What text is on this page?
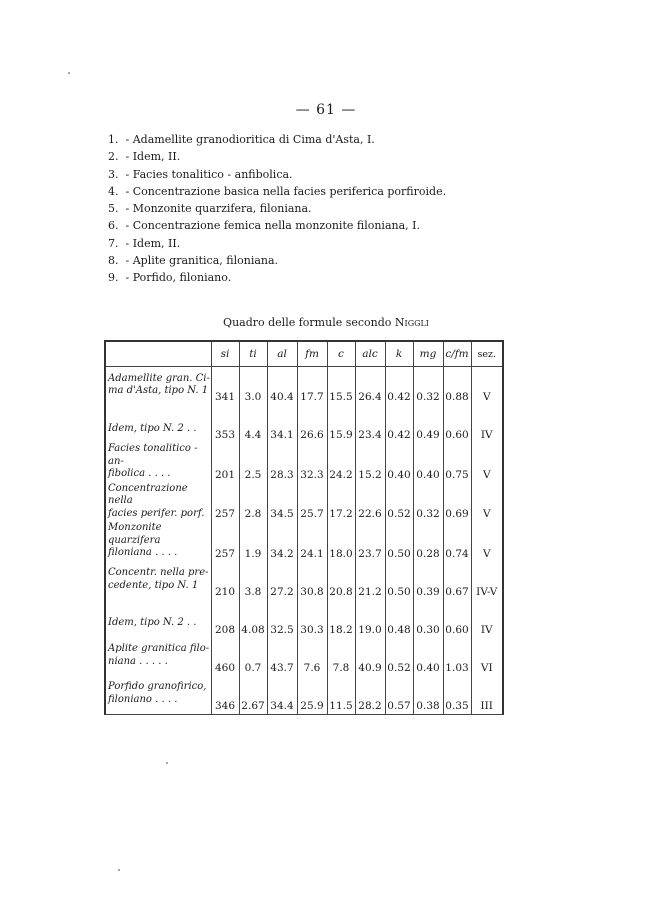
— 61 —
1. - Adamellite granodioritica di Cima d'Asta, I.
2. - Idem, II.
3. - Facies tonalitico - anfibolica.
4. - Concentrazione basica nella facies periferica porfiroide.
5. - Monzonite quarzifera, filoniana.
6. - Concentrazione femica nella monzonite filoniana, I.
7. - Idem, II.
8. - Aplite granitica, filoniana.
9. - Porfido, filoniano.
Quadro delle formule secondo Niggli
	si	ti	al	fm	c	alc	k	mg	c/fm	sez.

Adamellite gran. Ci-
ma d'Asta, tipo N. 1	341	3.0	40.4	17.7	15.5	26.4	0.42	0.32	0.88	V

Idem, tipo N. 2 . .	353	4.4	34.1	26.6	15.9	23.4	0.42	0.49	0.60	IV

Facies tonalitico - an-
fibolica . . . .	201	2.5	28.3	32.3	24.2	15.2	0.40	0.40	0.75	V

Concentrazione nella
facies perifer. porf.	257	2.8	34.5	25.7	17.2	22.6	0.52	0.32	0.69	V

Monzonite quarzifera
filoniana . . . .	257	1.9	34.2	24.1	18.0	23.7	0.50	0.28	0.74	V

Concentr. nella pre-
cedente, tipo N. 1	210	3.8	27.2	30.8	20.8	21.2	0.50	0.39	0.67	IV-V

Idem, tipo N. 2 . .	208	4.08	32.5	30.3	18.2	19.0	0.48	0.30	0.60	IV

Aplite granitica filo-
niana . . . . .	460	0.7	43.7	7.6	7.8	40.9	0.52	0.40	1.03	VI

Porfido granofirico,
filoniano . . . .	346	2.67	34.4	25.9	11.5	28.2	0.57	0.38	0.35	III
